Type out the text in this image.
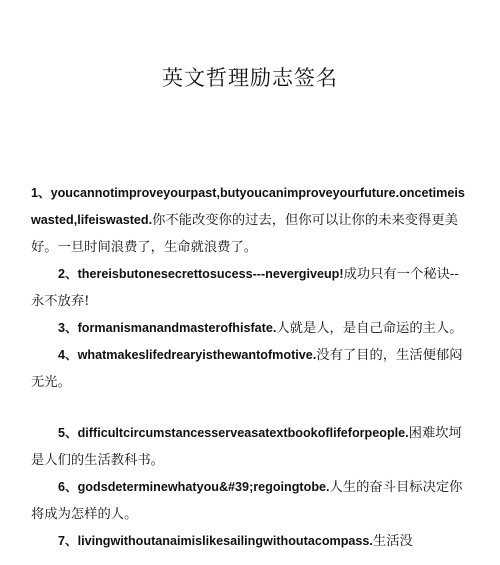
英文哲理励志签名

1、youcannotimproveyourpast,butyoucanimproveyourfuture.oncetimeiswasted,lifeiswasted.你不能改变你的过去，但你可以让你的未来变得更美好。一旦时间浪费了，生命就浪费了。

2、thereisbutonesecrettosucess---nevergiveup!成功只有一个秘诀--永不放弃!

3、formanismanandmasterofhisfate.人就是人，是自己命运的主人。

4、whatmakeslifedrearyisthewantofmotive.没有了目的，生活便郁闷无光。

5、difficultcircumstancesserveasatextbookoflifeforpeople.困难坎坷是人们的生活教科书。

6、godsdeterminewhatyou&#39;regoingtobe.人生的奋斗目标决定你将成为怎样的人。

7、livingwithoutanaimislikesailingwithoutacompass.生活没
